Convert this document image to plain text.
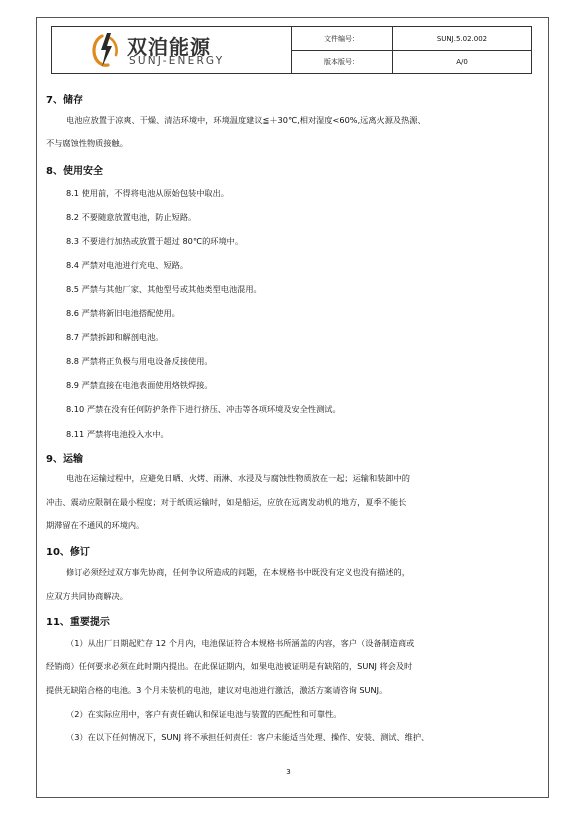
双洎能源
SUNJ-ENERGY
文件编号：	SUNJ.5.02.002
版本版号：	A/0
7、储存
电池应放置于凉爽、干燥、清洁环境中，环境温度建议≦＋30℃,相对湿度<60%,远离火源及热源、
不与腐蚀性物质接触。
8、使用安全
8.1 使用前，不得将电池从原始包装中取出。
8.2 不要随意放置电池，防止短路。
8.3 不要进行加热或放置于超过 80℃的环境中。
8.4 严禁对电池进行充电、短路。
8.5 严禁与其他厂家、其他型号或其他类型电池混用。
8.6 严禁将新旧电池搭配使用。
8.7 严禁拆卸和解剖电池。
8.8 严禁将正负极与用电设备反接使用。
8.9 严禁直接在电池表面使用烙铁焊接。
8.10 严禁在没有任何防护条件下进行挤压、冲击等各项环境及安全性测试。
8.11 严禁将电池投入水中。
9、运输
电池在运输过程中，应避免日晒、火烤、雨淋、水浸及与腐蚀性物质放在一起；运输和装卸中的
冲击、震动应限制在最小程度；对于纸质运输时，如是船运，应放在远离发动机的地方，夏季不能长
期滞留在不通风的环境内。
10、修订
修订必须经过双方事先协商，任何争议所造成的问题，在本规格书中既没有定义也没有描述的，
应双方共同协商解决。
11、重要提示
（1）从出厂日期起贮存 12 个月内，电池保证符合本规格书所涵盖的内容，客户（设备制造商或
经销商）任何要求必须在此时期内提出。在此保证期内，如果电池被证明是有缺陷的，SUNJ 将会及时
提供无缺陷合格的电池。3 个月未装机的电池，建议对电池进行激活，激活方案请咨询 SUNJ。
（2）在实际应用中，客户有责任确认和保证电池与装置的匹配性和可靠性。
（3）在以下任何情况下，SUNJ 将不承担任何责任：客户未能适当处理、操作、安装、测试、维护、
3
